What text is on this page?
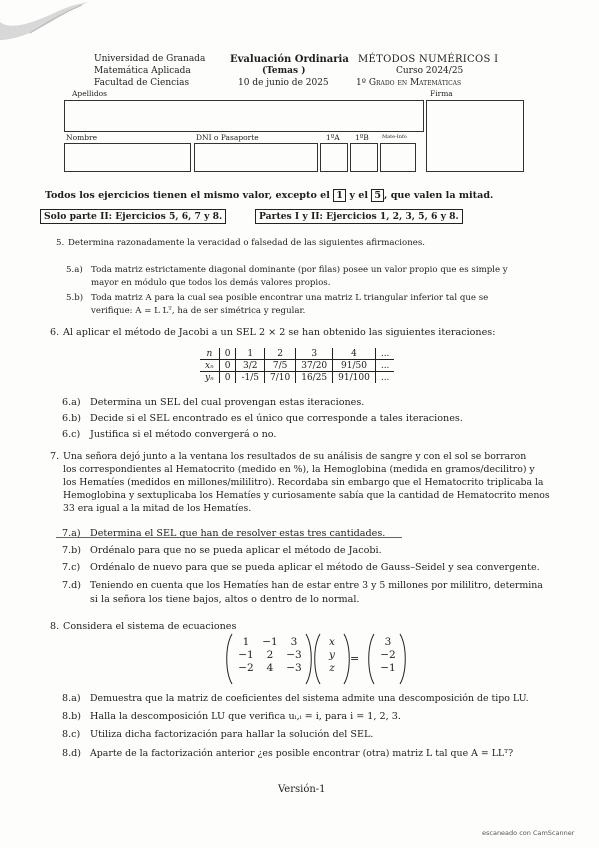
Universidad de Granada
Matemática Aplicada
Facultad de Ciencias
Evaluación Ordinaria
(Temas )
10 de junio de 2025
MÉTODOS NUMÉRICOS I
Curso 2024/25
1º Grado en Matemáticas
Apellidos	Firma
Nombre	DNI o Pasaporte	1ºA 1ºB	Mate-Info
Todos los ejercicios tienen el mismo valor, excepto el 1 y el 5 , que valen la mitad.
Solo parte II: Ejercicios 5, 6, 7 y 8.	Partes I y II: Ejercicios 1, 2, 3, 5, 6 y 8.
5. Determina razonadamente la veracidad o falsedad de las siguientes afirmaciones.
5.a) Toda matriz estrictamente diagonal dominante (por filas) posee un valor propio que es simple y
mayor en módulo que todos los demás valores propios.
5.b) Toda matriz A para la cual sea posible encontrar una matriz L triangular inferior tal que se
verifique: A = L Lᵀ, ha de ser simétrica y regular.
6. Al aplicar el método de Jacobi a un SEL 2 × 2 se han obtenido las siguientes iteraciones:
n	0	1	2	3	4	...
xₙ	0	3/2	7/5	37/20	91/50	...
yₙ	0	-1/5	7/10	16/25	91/100	...
6.a) Determina un SEL del cual provengan estas iteraciones.
6.b) Decide si el SEL encontrado es el único que corresponde a tales iteraciones.
6.c) Justifica si el método convergerá o no.
7. Una señora dejó junto a la ventana los resultados de su análisis de sangre y con el sol se borraron
los correspondientes al Hematocrito (medido en %), la Hemoglobina (medida en gramos/decilitro) y
los Hematíes (medidos en millones/mililitro). Recordaba sin embargo que el Hematocrito triplicaba la
Hemoglobina y sextuplicaba los Hematíes y curiosamente sabía que la cantidad de Hematocrito menos
33 era igual a la mitad de los Hematíes.
7.a) Determina el SEL que han de resolver estas tres cantidades.
7.b) Ordénalo para que no se pueda aplicar el método de Jacobi.
7.c) Ordénalo de nuevo para que se pueda aplicar el método de Gauss–Seidel y sea convergente.
7.d) Teniendo en cuenta que los Hematíes han de estar entre 3 y 5 millones por mililitro, determina
si la señora los tiene bajos, altos o dentro de lo normal.
8. Considera el sistema de ecuaciones
1	−1	3
−1	2	−3
−2	4	−3
x
y
z
=
3
−2
−1
8.a) Demuestra que la matriz de coeficientes del sistema admite una descomposición de tipo LU.
8.b) Halla la descomposición LU que verifica uᵢ,ᵢ = i, para i = 1, 2, 3.
8.c) Utiliza dicha factorización para hallar la solución del SEL.
8.d) Aparte de la factorización anterior ¿es posible encontrar (otra) matriz L tal que A = LLᵀ?
Versión-1
escaneado con CamScanner
